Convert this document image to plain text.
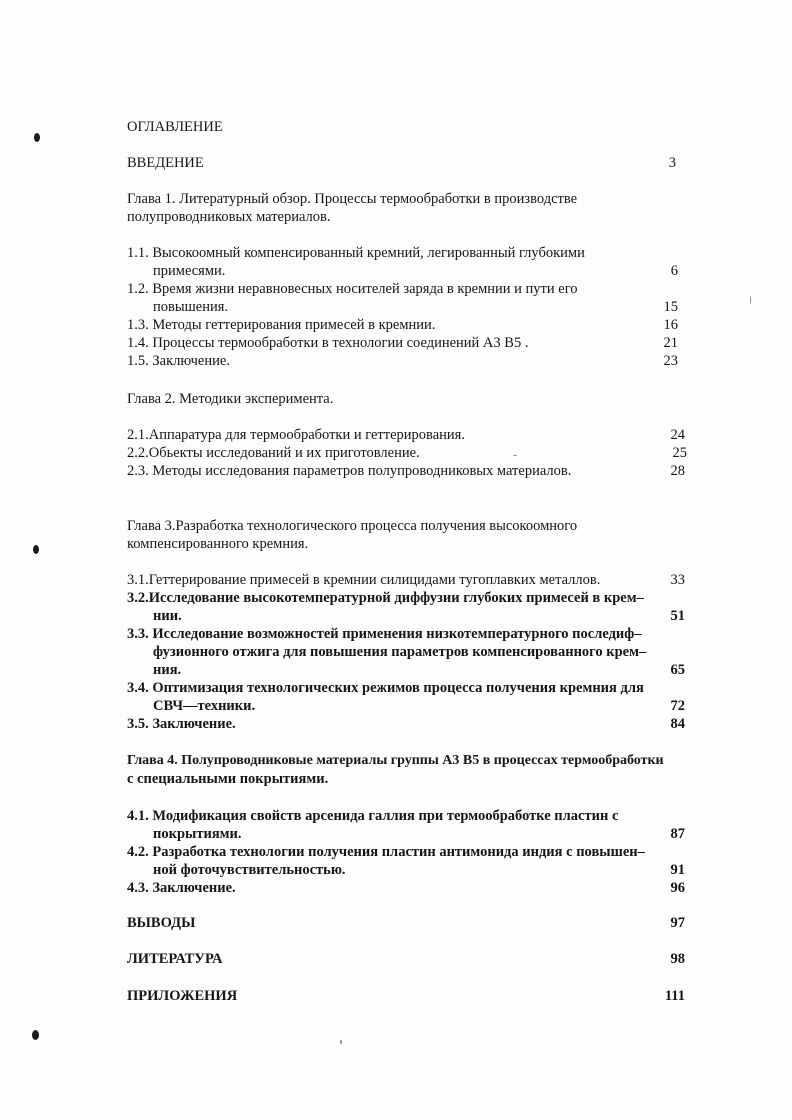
ОГЛАВЛЕНИЕ
ВВЕДЕНИЕ	3
Глава 1. Литературный обзор. Процессы термообработки в производстве
полупроводниковых материалов.
1.1. Высокоомный компенсированный кремний, легированный глубокими
примесями.	6
1.2. Время жизни неравновесных носителей заряда в кремнии и пути его
повышения.	15
1.3. Методы геттерирования примесей в кремнии.	16
1.4. Процессы термообработки в технологии соединений A3 B5 .	21
1.5. Заключение.	23
Глава 2. Методики эксперимента.
2.1.Аппаратура для термообработки и геттерирования.	24
2.2.Обьекты исследований и их приготовление.	25
2.3. Методы исследования параметров полупроводниковых материалов.	28
Глава 3.Разработка технологического процесса получения высокоомного
компенсированного кремния.
3.1.Геттерирование примесей в кремнии силицидами тугоплавких металлов.	33
3.2.Исследование высокотемпературной диффузии глубоких примесей в крем–
нии.	51
3.3. Исследование возможностей применения низкотемпературного последиф–
фузионного отжига для повышения параметров компенсированного крем–
ния.	65
3.4. Оптимизация технологических режимов процесса получения кремния для
СВЧ—техники.	72
3.5. Заключение.	84
Глава 4. Полупроводниковые материалы группы A3 B5 в процессах термообработки
с специальными покрытиями.
4.1. Модификация свойств арсенида галлия при термообработке пластин с
покрытиями.	87
4.2. Разработка технологии получения пластин антимонида индия с повышен–
ной фоточувствительностью.	91
4.3. Заключение.	96
ВЫВОДЫ	97
ЛИТЕРАТУРА	98
ПРИЛОЖЕНИЯ	111
